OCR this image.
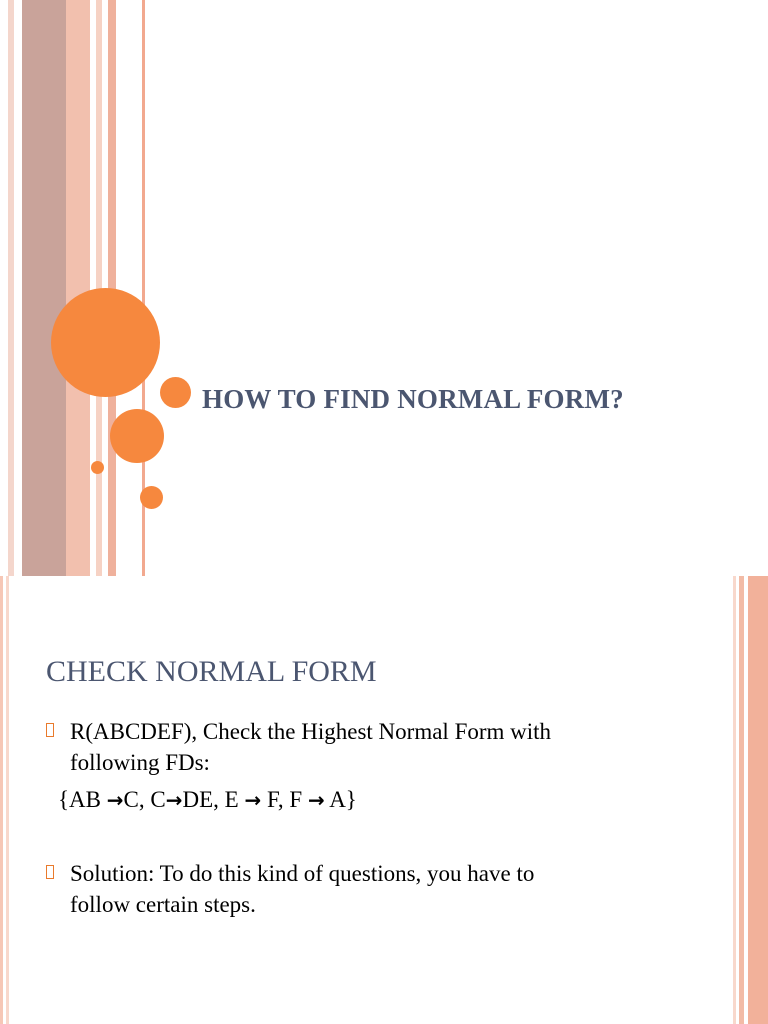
HOW TO FIND NORMAL FORM?
CHECK NORMAL FORM
R(ABCDEF), Check the Highest Normal Form with
following FDs:
{AB →C, C→DE, E → F, F → A}
Solution: To do this kind of questions, you have to
follow certain steps.
